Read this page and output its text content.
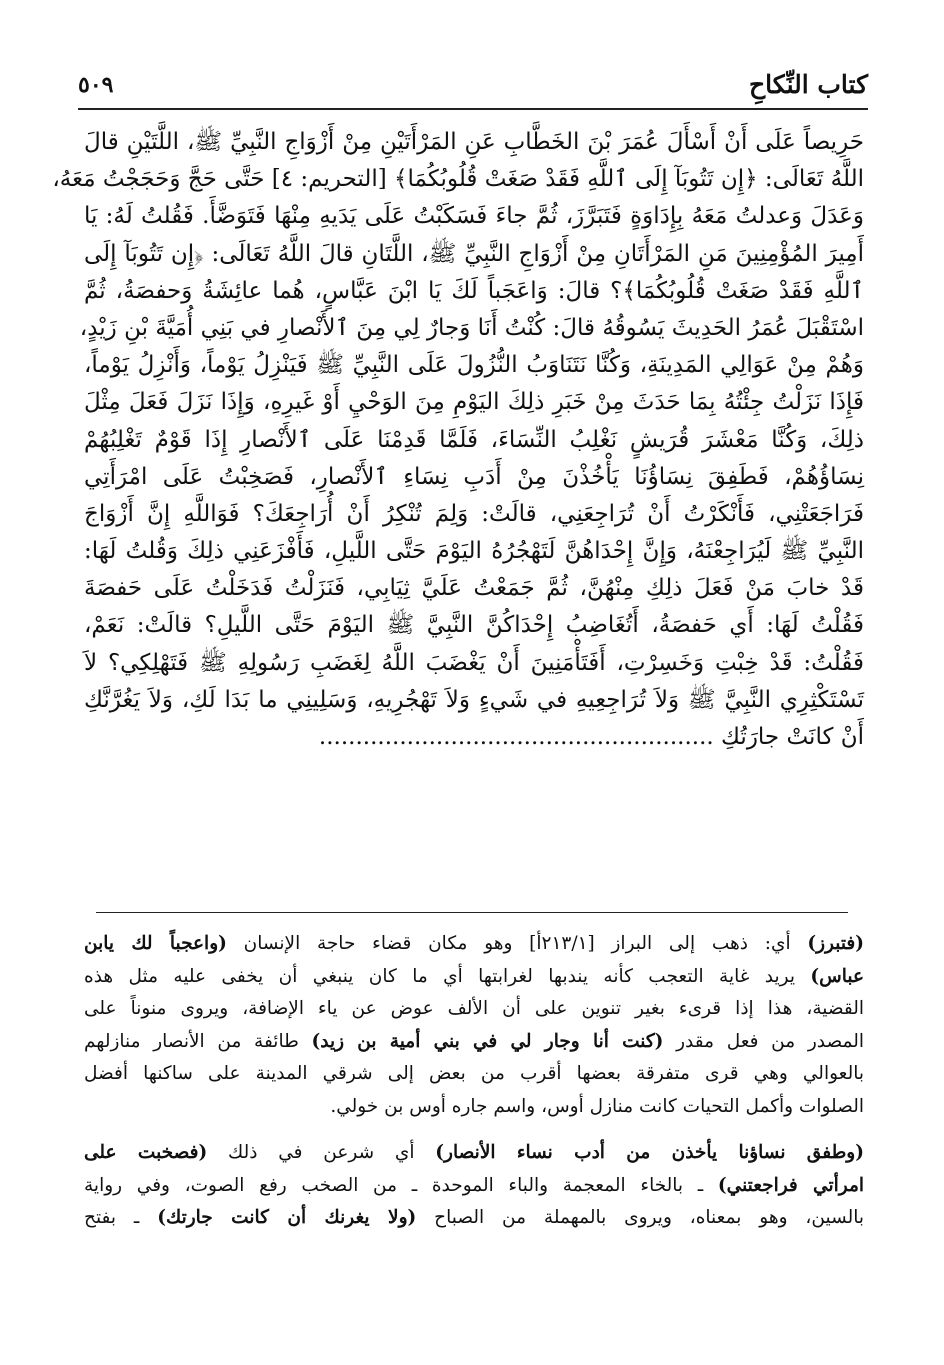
كتاب النِّكاحِ
٥٠٩
حَرِيصاً عَلَى أَنْ أَسْأَلَ عُمَرَ بْنَ الخَطَّابِ عَنِ المَرْأَتَيْنِ مِنْ أَزْوَاجِ النَّبِيِّ ﷺ، اللَّتَيْنِ قالَ
اللَّهُ تَعَالَى: ﴿إِن تَتُوبَآ إِلَى ٱللَّهِ فَقَدْ صَغَتْ قُلُوبُكُمَا﴾ [التحريم: ٤] حَتَّى حَجَّ وَحَجَجْتُ مَعَهُ،
وَعَدَلَ وَعدلتُ مَعَهُ بِإِدَاوَةٍ فَتَبَرَّزَ، ثُمَّ جاءَ فَسَكَبْتُ عَلَى يَدَيهِ مِنْهَا فَتَوَضَّأَ. فَقُلتُ لَهُ: يَا
أَمِيرَ المُؤْمِنِينَ مَنِ المَرْأَتَانِ مِنْ أَزْوَاجِ النَّبِيِّ ﷺ، اللَّتَانِ قالَ اللَّهُ تَعَالَى: ﴿إِن تَتُوبَآ إِلَى
ٱللَّهِ فَقَدْ صَغَتْ قُلُوبُكُمَا﴾؟ قالَ: وَاعَجَباً لَكَ يَا ابْنَ عَبَّاسٍ، هُما عائِشَةُ وَحفصَةُ، ثُمَّ
اسْتَقْبَلَ عُمَرُ الحَدِيثَ يَسُوقُهُ قالَ: كُنْتُ أَنَا وَجارٌ لِي مِنَ ٱلأَنْصارِ في بَنِي أُمَيَّةَ بْنِ زَيْدٍ،
وَهُمْ مِنْ عَوَالِي المَدِينَةِ، وَكُنَّا نَتَنَاوَبُ النُّزُولَ عَلَى النَّبِيِّ ﷺ فَيَنْزِلُ يَوْماً، وَأَنْزِلُ يَوْماً،
فَإِذَا نَزَلْتُ جِئْتُهُ بِمَا حَدَثَ مِنْ خَبَرِ ذلِكَ اليَوْمِ مِنَ الوَحْيِ أَوْ غَيرِهِ، وَإِذَا نَزَلَ فَعَلَ مِثْلَ
ذلِكَ، وَكُنَّا مَعْشَرَ قُرَيشٍ نَغْلِبُ النِّسَاءَ، فَلَمَّا قَدِمْنَا عَلَى ٱلأَنْصارِ إِذَا قَوْمٌ تَغْلِبُهُمْ
نِسَاؤُهُمْ، فَطَفِقَ نِسَاؤُنَا يَأْخُذْنَ مِنْ أَدَبِ نِسَاءِ ٱلأَنْصارِ، فَصَخِبْتُ عَلَى امْرَأَتِي
فَرَاجَعَتْنِي، فَأَنْكَرْتُ أَنْ تُرَاجِعَنِي، قالَتْ: وَلِمَ تُنْكِرُ أَنْ أُرَاجِعَكَ؟ فَوَاللَّهِ إِنَّ أَزْوَاجَ
النَّبِيِّ ﷺ لَيُرَاجِعْنَهُ، وَإِنَّ إِحْدَاهُنَّ لَتَهْجُرُهُ اليَوْمَ حَتَّى اللَّيلِ، فَأَفْزَعَنِي ذلِكَ وَقُلتُ لَهَا:
قَدْ خابَ مَنْ فَعَلَ ذلِكِ مِنْهُنَّ، ثُمَّ جَمَعْتُ عَلَيَّ ثِيَابِي، فَنَزَلْتُ فَدَخَلْتُ عَلَى حَفصَةَ
فَقُلْتُ لَهَا: أَي حَفصَةُ، أَتُغَاضِبُ إِحْدَاكُنَّ النَّبِيَّ ﷺ اليَوْمَ حَتَّى اللَّيلِ؟ قالَتْ: نَعَمْ،
فَقُلْتُ: قَدْ خِبْتِ وَخَسِرْتِ، أَفَتَأْمَنِينَ أَنْ يَغْضَبَ اللَّهُ لِغَضَبِ رَسُولِهِ ﷺ فَتَهْلِكِي؟ لاَ
تَسْتَكْثِرِي النَّبِيَّ ﷺ وَلاَ تُرَاجِعِيهِ في شَيءٍ وَلاَ تَهْجُرِيهِ، وَسَلِينِي ما بَدَا لَكِ، وَلاَ يَغُرَّنَّكِ
أَنْ كانَتْ جارَتُكِ ......................................................
(فتبرز) أي: ذهب إلى البراز [٢١٣/١أ] وهو مكان قضاء حاجة الإنسان (واعجباً لك يابن
عباس) يريد غاية التعجب كأنه يندبها لغرابتها أي ما كان ينبغي أن يخفى عليه مثل هذه
القضية، هذا إذا قرىء بغير تنوين على أن الألف عوض عن ياء الإضافة، ويروى منوناً على
المصدر من فعل مقدر (كنت أنا وجار لي في بني أمية بن زيد) طائفة من الأنصار منازلهم
بالعوالي وهي قرى متفرقة بعضها أقرب من بعض إلى شرقي المدينة على ساكنها أفضل
الصلوات وأكمل التحيات كانت منازل أوس، واسم جاره أوس بن خولي.
(وطفق نساؤنا يأخذن من أدب نساء الأنصار) أي شرعن في ذلك (فصخبت على
امرأتي فراجعتني) ـ بالخاء المعجمة والباء الموحدة ـ من الصخب رفع الصوت، وفي رواية
بالسين، وهو بمعناه، ويروى بالمهملة من الصباح (ولا يغرنك أن كانت جارتك) ـ بفتح
